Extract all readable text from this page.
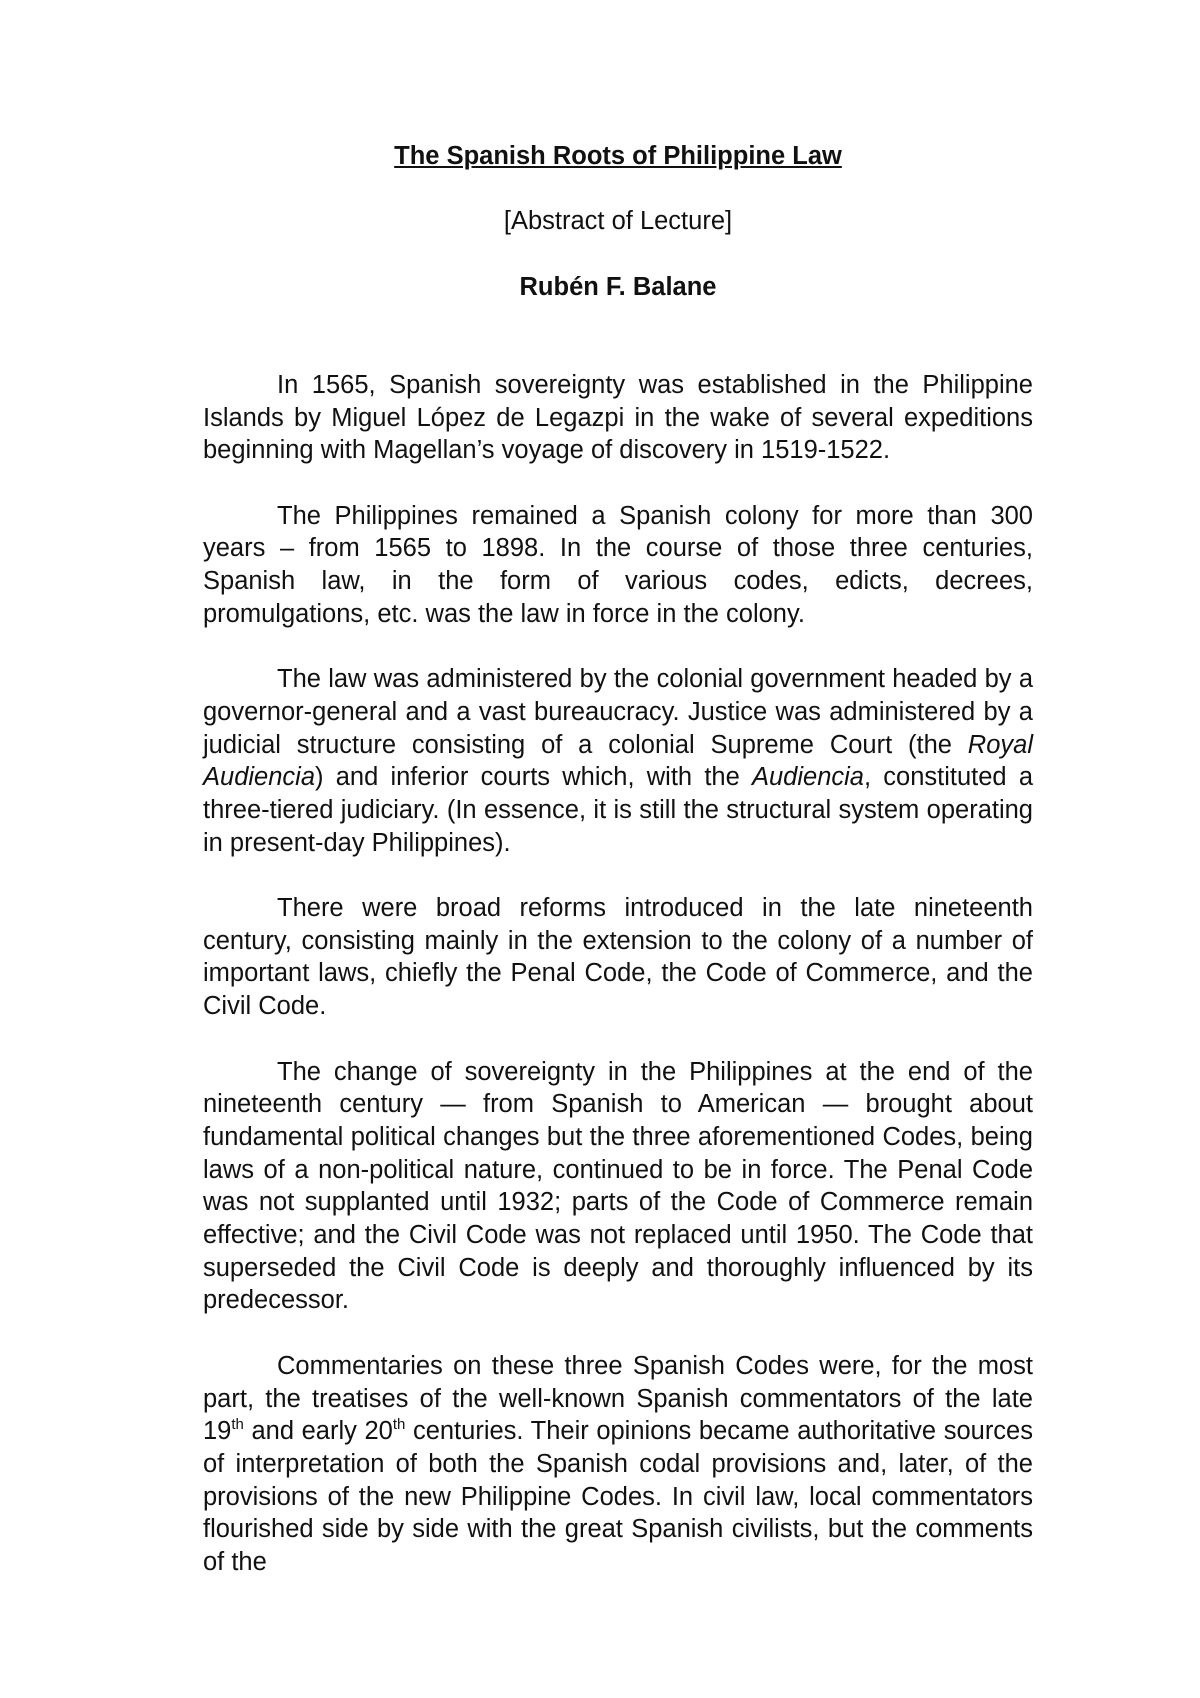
The Spanish Roots of Philippine Law
[Abstract of Lecture]
Rubén F. Balane

In 1565, Spanish sovereignty was established in the Philippine Islands by Miguel López de Legazpi in the wake of several expeditions beginning with Magellan’s voyage of discovery in 1519-1522.

The Philippines remained a Spanish colony for more than 300 years – from 1565 to 1898. In the course of those three centuries, Spanish law, in the form of various codes, edicts, decrees, promulgations, etc. was the law in force in the colony.

The law was administered by the colonial government headed by a governor-general and a vast bureaucracy. Justice was administered by a judicial structure consisting of a colonial Supreme Court (the Royal Audiencia) and inferior courts which, with the Audiencia, constituted a three-tiered judiciary. (In essence, it is still the structural system operating in present-day Philippines).

There were broad reforms introduced in the late nineteenth century, consisting mainly in the extension to the colony of a number of important laws, chiefly the Penal Code, the Code of Commerce, and the Civil Code.

The change of sovereignty in the Philippines at the end of the nineteenth century — from Spanish to American — brought about fundamental political changes but the three aforementioned Codes, being laws of a non-political nature, continued to be in force. The Penal Code was not supplanted until 1932; parts of the Code of Commerce remain effective; and the Civil Code was not replaced until 1950. The Code that superseded the Civil Code is deeply and thoroughly influenced by its predecessor.

Commentaries on these three Spanish Codes were, for the most part, the treatises of the well-known Spanish commentators of the late 19th and early 20th centuries. Their opinions became authoritative sources of interpretation of both the Spanish codal provisions and, later, of the provisions of the new Philippine Codes. In civil law, local commentators flourished side by side with the great Spanish civilists, but the comments of the
